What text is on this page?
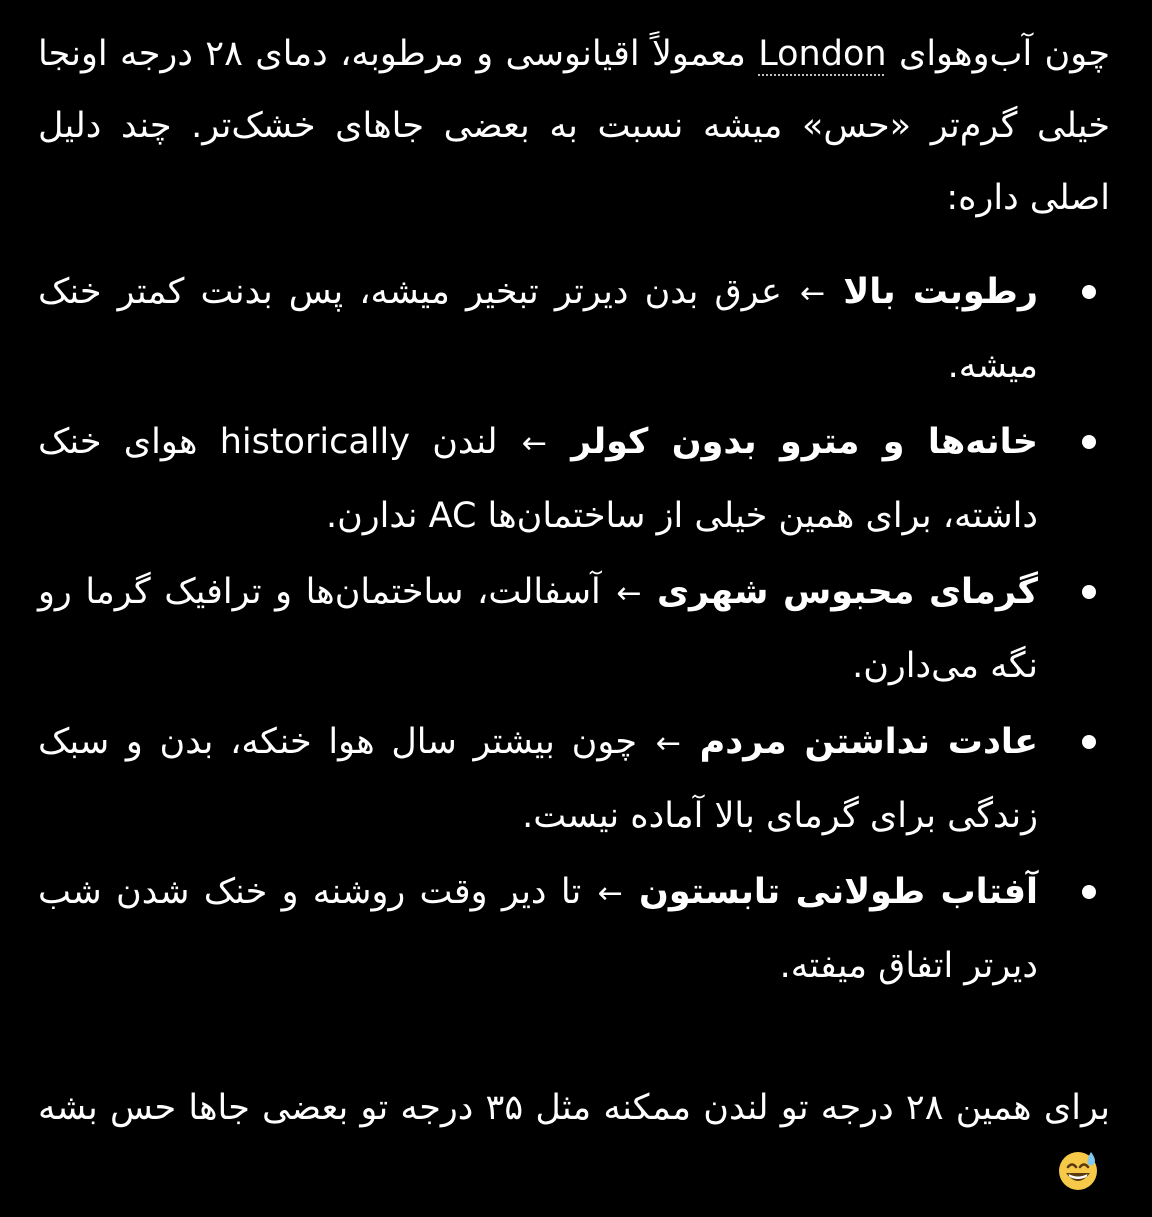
چون آب‌وهوای London معمولاً اقیانوسی و مرطوبه، دمای ۲۸ درجه اونجا خیلی گرم‌تر «حس» میشه نسبت به بعضی جاهای خشک‌تر. چند دلیل اصلی داره:

رطوبت بالا ← عرق بدن دیرتر تبخیر میشه، پس بدنت کمتر خنک میشه.
خانه‌ها و مترو بدون کولر ← لندن historically هوای خنک داشته، برای همین خیلی از ساختمان‌ها AC ندارن.
گرمای محبوس شهری ← آسفالت، ساختمان‌ها و ترافیک گرما رو نگه می‌دارن.
عادت نداشتن مردم ← چون بیشتر سال هوا خنکه، بدن و سبک زندگی برای گرمای بالا آماده نیست.
آفتاب طولانی تابستون ← تا دیر وقت روشنه و خنک شدن شب دیرتر اتفاق میفته.

برای همین ۲۸ درجه تو لندن ممکنه مثل ۳۵ درجه تو بعضی جاها حس بشه
